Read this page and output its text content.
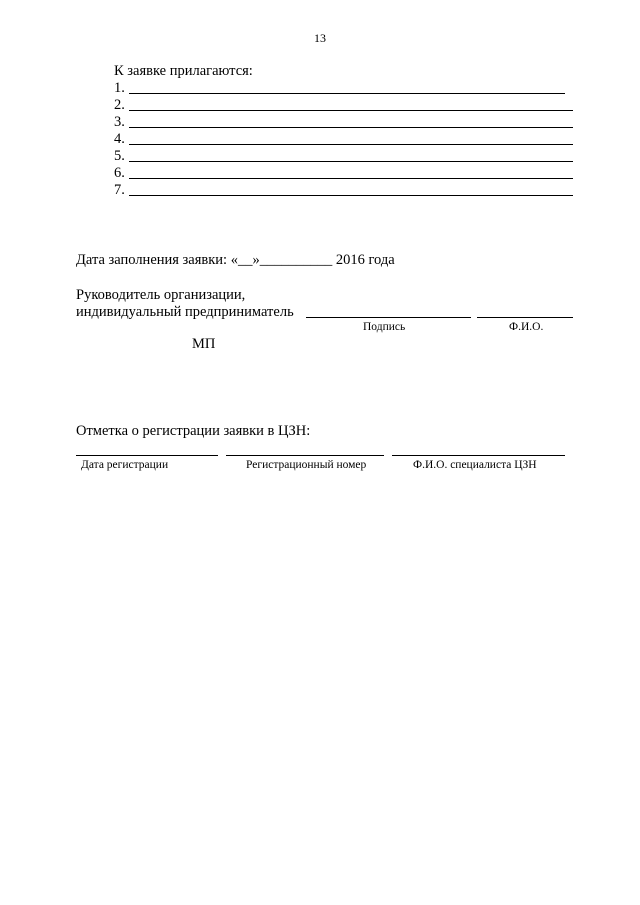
13
К заявке прилагаются:
1.
2.
3.
4.
5.
6.
7.
Дата заполнения заявки: «__»__________ 2016 года
Руководитель организации,
индивидуальный предприниматель
Подпись	Ф.И.О.
МП
Отметка о регистрации заявки в ЦЗН:
Дата регистрации	Регистрационный номер	Ф.И.О. специалиста ЦЗН
